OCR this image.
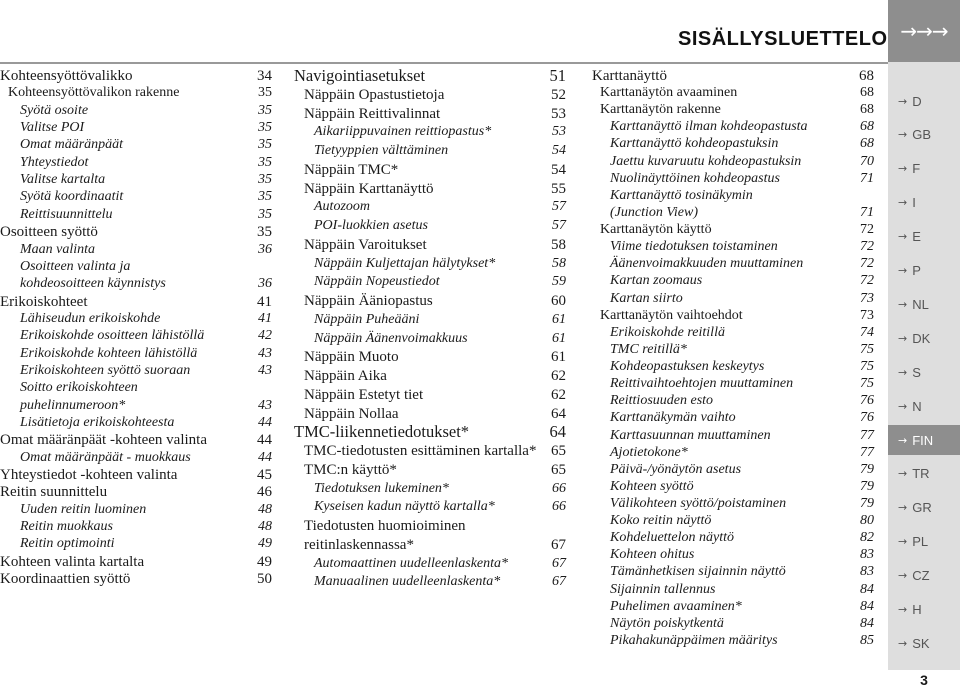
SISÄLLYSLUETTELO →→→
Kohteensyöttövalikko	34
Kohteensyöttövalikon rakenne	35
Syötä osoite	35
Valitse POI	35
Omat määränpäät	35
Yhteystiedot	35
Valitse kartalta	35
Syötä koordinaatit	35
Reittisuunnittelu	35
Osoitteen syöttö	35
Maan valinta	36
Osoitteen valinta ja
kohdeosoitteen käynnistys	36
Erikoiskohteet	41
Lähiseudun erikoiskohde	41
Erikoiskohde osoitteen lähistöllä	42
Erikoiskohde kohteen lähistöllä	43
Erikoiskohteen syöttö suoraan	43
Soitto erikoiskohteen
puhelinnumeroon*	43
Lisätietoja erikoiskohteesta	44
Omat määränpäät -kohteen valinta	44
Omat määränpäät - muokkaus	44
Yhteystiedot -kohteen valinta	45
Reitin suunnittelu	46
Uuden reitin luominen	48
Reitin muokkaus	48
Reitin optimointi	49
Kohteen valinta kartalta	49
Koordinaattien syöttö	50
Navigointiasetukset	51
Näppäin Opastustietoja	52
Näppäin Reittivalinnat	53
Aikariippuvainen reittiopastus*	53
Tietyyppien välttäminen	54
Näppäin TMC*	54
Näppäin Karttanäyttö	55
Autozoom	57
POI-luokkien asetus	57
Näppäin Varoitukset	58
Näppäin Kuljettajan hälytykset*	58
Näppäin Nopeustiedot	59
Näppäin Ääniopastus	60
Näppäin Puheääni	61
Näppäin Äänenvoimakkuus	61
Näppäin Muoto	61
Näppäin Aika	62
Näppäin Estetyt tiet	62
Näppäin Nollaa	64
TMC-liikennetiedotukset*	64
TMC-tiedotusten esittäminen kartalla* 65
TMC:n käyttö*	65
Tiedotuksen lukeminen*	66
Kyseisen kadun näyttö kartalla*	66
Tiedotusten huomioiminen
reitinlaskennassa*	67
Automaattinen uudelleenlaskenta*	67
Manuaalinen uudelleenlaskenta*	67
Karttanäyttö	68
Karttanäytön avaaminen	68
Karttanäytön rakenne	68
Karttanäyttö ilman kohdeopastusta	68
Karttanäyttö kohdeopastuksin	68
Jaettu kuvaruutu kohdeopastuksin	70
Nuolinäyttöinen kohdeopastus	71
Karttanäyttö tosinäkymin
(Junction View)	71
Karttanäytön käyttö	72
Viime tiedotuksen toistaminen	72
Äänenvoimakkuuden muuttaminen	72
Kartan zoomaus	72
Kartan siirto	73
Karttanäytön vaihtoehdot	73
Erikoiskohde reitillä	74
TMC reitillä*	75
Kohdeopastuksen keskeytys	75
Reittivaihtoehtojen muuttaminen	75
Reittiosuuden esto	76
Karttanäkymän vaihto	76
Karttasuunnan muuttaminen	77
Ajotietokone*	77
Päivä-/yönäytön asetus	79
Kohteen syöttö	79
Välikohteen syöttö/poistaminen	79
Koko reitin näyttö	80
Kohdeluettelon näyttö	82
Kohteen ohitus	83
Tämänhetkisen sijainnin näyttö	83
Sijainnin tallennus	84
Puhelimen avaaminen*	84
Näytön poiskytkentä	84
Pikahakunäppäimen määritys	85
→ D
→ GB
→ F
→ I
→ E
→ P
→ NL
→ DK
→ S
→ N
→ FIN
→ TR
→ GR
→ PL
→ CZ
→ H
→ SK
3
